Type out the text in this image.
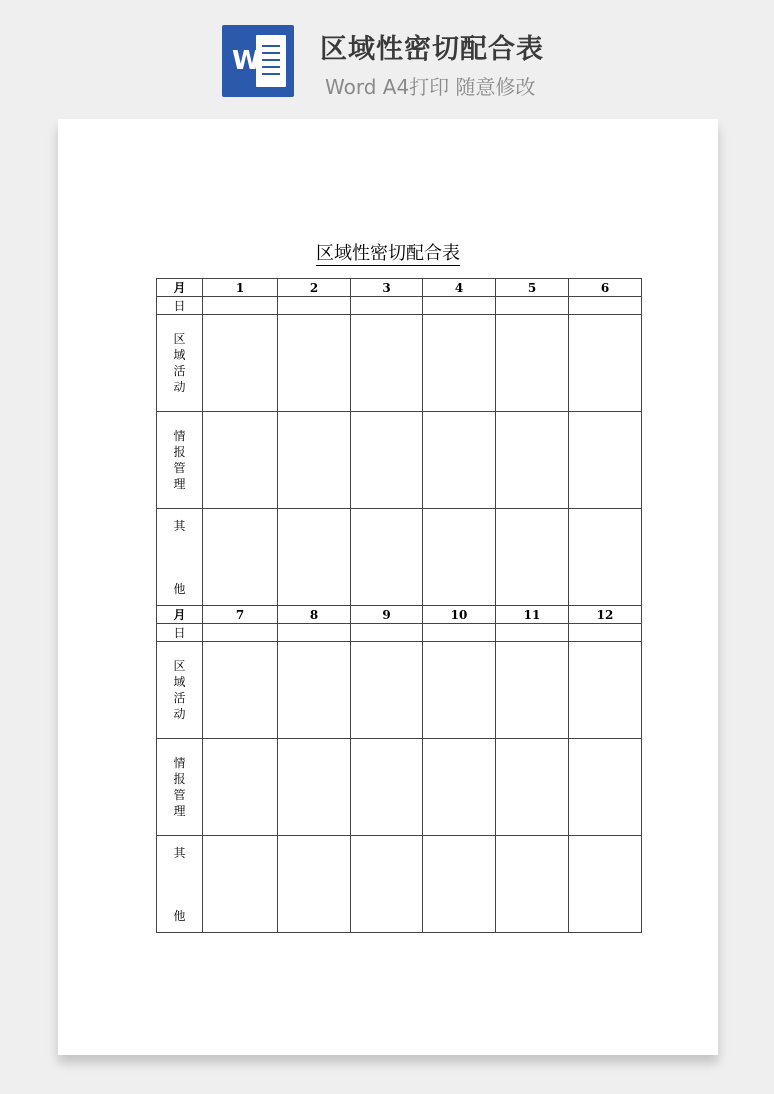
W 区域性密切配合表
Word A4打印 随意修改
区域性密切配合表
月	1	2	3	4	5	6
日						
区域活动						
情报管理						

其
他						

月	7	8	9	10	11	12
日						
区域活动						
情报管理						

其
他						
